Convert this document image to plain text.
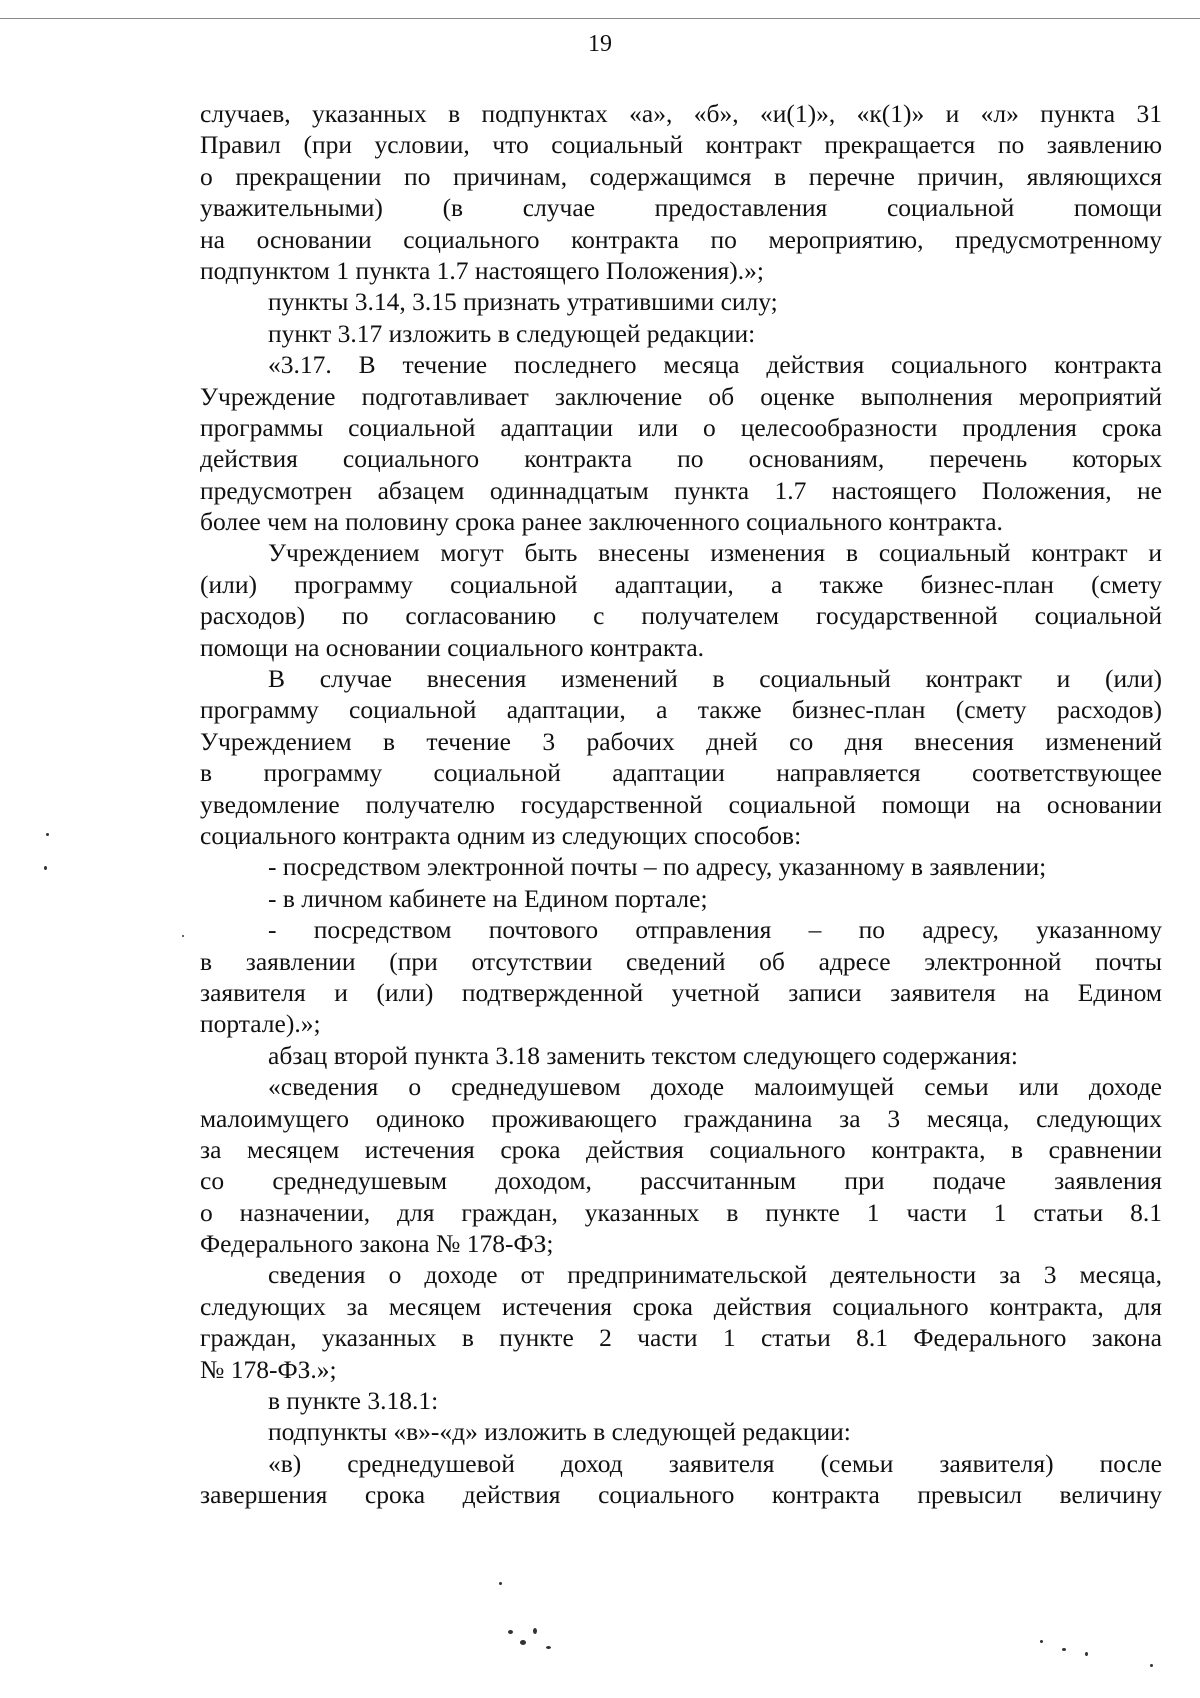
19
случаев, указанных в подпунктах «а», «б», «и(1)», «к(1)» и «л» пункта 31
Правил (при условии, что социальный контракт прекращается по заявлению
о прекращении по причинам, содержащимся в перечне причин, являющихся
уважительными) (в случае предоставления социальной помощи
на основании социального контракта по мероприятию, предусмотренному
подпунктом 1 пункта 1.7 настоящего Положения).»;
пункты 3.14, 3.15 признать утратившими силу;
пункт 3.17 изложить в следующей редакции:
«3.17. В течение последнего месяца действия социального контракта
Учреждение подготавливает заключение об оценке выполнения мероприятий
программы социальной адаптации или о целесообразности продления срока
действия социального контракта по основаниям, перечень которых
предусмотрен абзацем одиннадцатым пункта 1.7 настоящего Положения, не
более чем на половину срока ранее заключенного социального контракта.
Учреждением могут быть внесены изменения в социальный контракт и
(или) программу социальной адаптации, а также бизнес-план (смету
расходов) по согласованию с получателем государственной социальной
помощи на основании социального контракта.
В случае внесения изменений в социальный контракт и (или)
программу социальной адаптации, а также бизнес-план (смету расходов)
Учреждением в течение 3 рабочих дней со дня внесения изменений
в программу социальной адаптации направляется соответствующее
уведомление получателю государственной социальной помощи на основании
социального контракта одним из следующих способов:
- посредством электронной почты – по адресу, указанному в заявлении;
- в личном кабинете на Едином портале;
- посредством почтового отправления – по адресу, указанному
в заявлении (при отсутствии сведений об адресе электронной почты
заявителя и (или) подтвержденной учетной записи заявителя на Едином
портале).»;
абзац второй пункта 3.18 заменить текстом следующего содержания:
«сведения о среднедушевом доходе малоимущей семьи или доходе
малоимущего одиноко проживающего гражданина за 3 месяца, следующих
за месяцем истечения срока действия социального контракта, в сравнении
со среднедушевым доходом, рассчитанным при подаче заявления
о назначении, для граждан, указанных в пункте 1 части 1 статьи 8.1
Федерального закона № 178-ФЗ;
сведения о доходе от предпринимательской деятельности за 3 месяца,
следующих за месяцем истечения срока действия социального контракта, для
граждан, указанных в пункте 2 части 1 статьи 8.1 Федерального закона
№ 178-ФЗ.»;
в пункте 3.18.1:
подпункты «в»-«д» изложить в следующей редакции:
«в) среднедушевой доход заявителя (семьи заявителя) после
завершения срока действия социального контракта превысил величину
